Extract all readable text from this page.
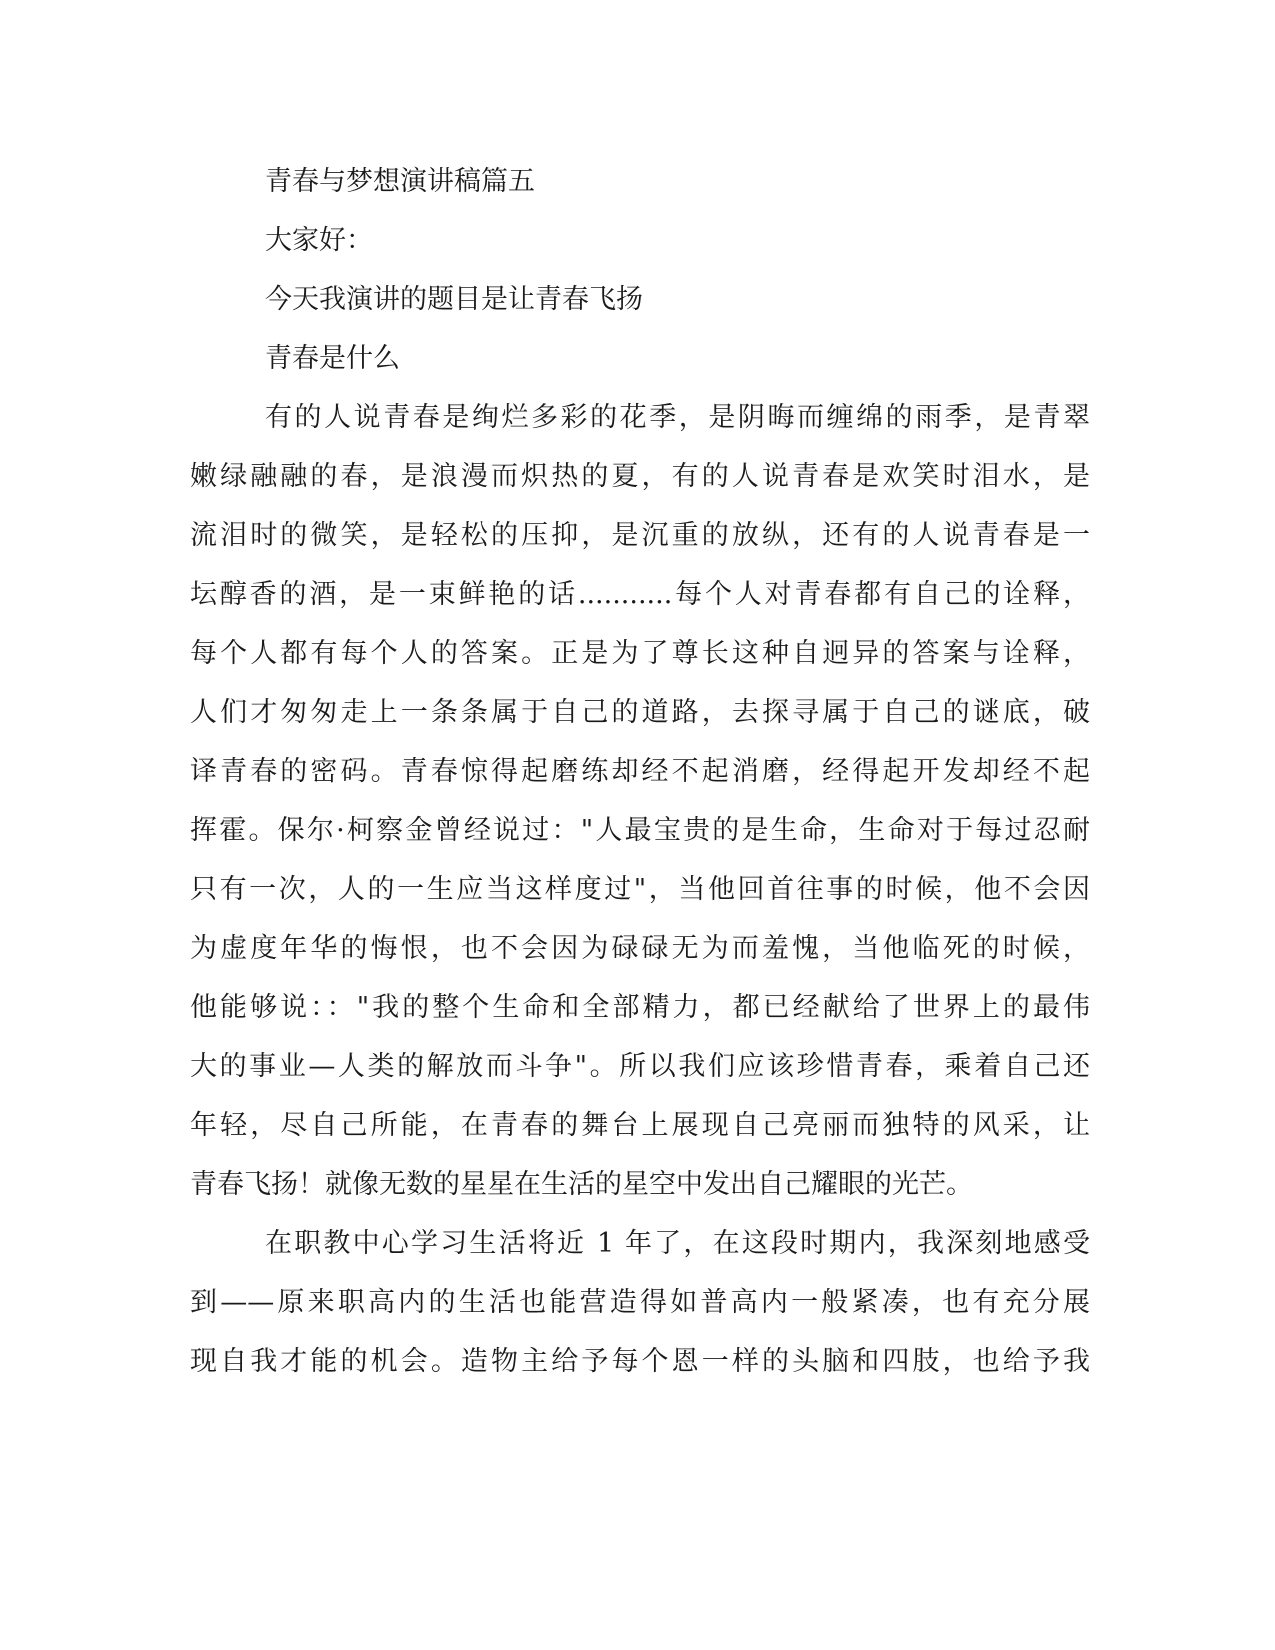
青春与梦想演讲稿篇五
大家好：
今天我演讲的题目是让青春飞扬
青春是什么
有的人说青春是绚烂多彩的花季，是阴晦而缠绵的雨季，是青翠
嫩绿融融的春，是浪漫而炽热的夏，有的人说青春是欢笑时泪水，是
流泪时的微笑，是轻松的压抑，是沉重的放纵，还有的人说青春是一
坛醇香的酒，是一束鲜艳的话...........每个人对青春都有自己的诠释，
每个人都有每个人的答案。正是为了尊长这种自迥异的答案与诠释，
人们才匆匆走上一条条属于自己的道路，去探寻属于自己的谜底，破
译青春的密码。青春惊得起磨练却经不起消磨，经得起开发却经不起
挥霍。保尔·柯察金曾经说过："人最宝贵的是生命，生命对于每过忍耐
只有一次，人的一生应当这样度过"，当他回首往事的时候，他不会因
为虚度年华的悔恨，也不会因为碌碌无为而羞愧，当他临死的时候，
他能够说：："我的整个生命和全部精力，都已经献给了世界上的最伟
大的事业—人类的解放而斗争"。所以我们应该珍惜青春，乘着自己还
年轻，尽自己所能，在青春的舞台上展现自己亮丽而独特的风采，让
青春飞扬！就像无数的星星在生活的星空中发出自己耀眼的光芒。
在职教中心学习生活将近 1 年了，在这段时期内，我深刻地感受
到——原来职高内的生活也能营造得如普高内一般紧凑，也有充分展
现自我才能的机会。造物主给予每个恩一样的头脑和四肢，也给予我
